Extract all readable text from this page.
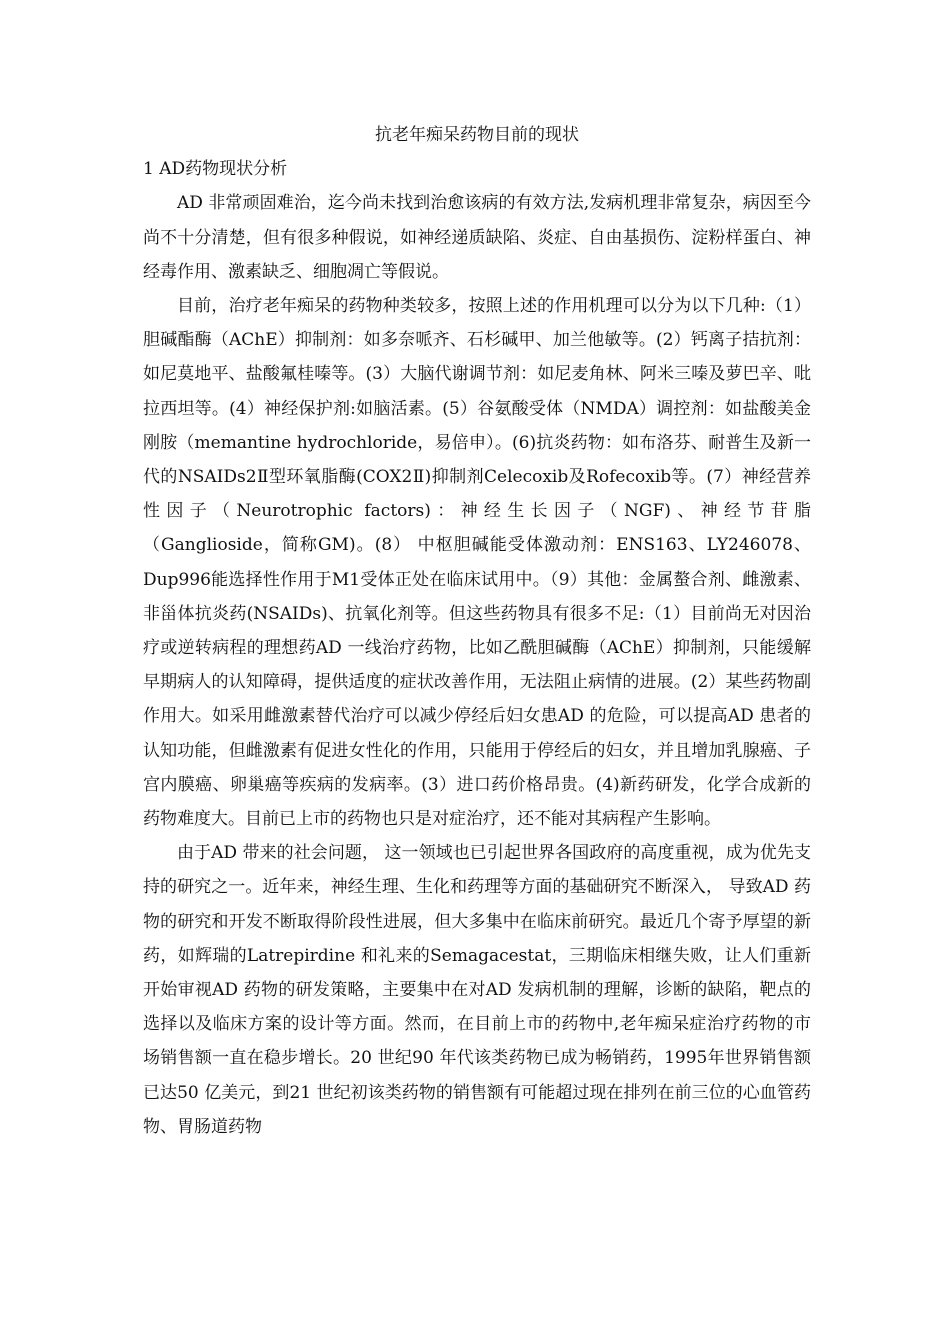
抗老年痴呆药物目前的现状
1 AD药物现状分析

AD 非常顽固难治，迄今尚未找到治愈该病的有效方法,发病机理非常复杂，病因至今尚不十分清楚，但有很多种假说，如神经递质缺陷、炎症、自由基损伤、淀粉样蛋白、神经毒作用、激素缺乏、细胞凋亡等假说。

目前，治疗老年痴呆的药物种类较多，按照上述的作用机理可以分为以下几种:（1）胆碱酯酶（AChE）抑制剂：如多奈哌齐、石杉碱甲、加兰他敏等。(2）钙离子拮抗剂：如尼莫地平、盐酸氟桂嗪等。(3）大脑代谢调节剂：如尼麦角林、阿米三嗪及萝巴辛、吡拉西坦等。(4）神经保护剂:如脑活素。(5）谷氨酸受体（NMDA）调控剂：如盐酸美金刚胺（memantine hydrochloride，易倍申）。(6)抗炎药物：如布洛芬、耐普生及新一代的NSAIDs2Ⅱ型环氧脂酶(COX2Ⅱ)抑制剂Celecoxib及Rofecoxib等。(7）神经营养性因子（Neurotrophic factors)：神经生长因子（NGF)、神经节苷脂（Ganglioside，简称GM)。(8） 中枢胆碱能受体激动剂：ENS163、LY246078、Dup996能选择性作用于M1受体正处在临床试用中。（9）其他：金属螯合剂、雌激素、非甾体抗炎药(NSAIDs)、抗氧化剂等。但这些药物具有很多不足:（1）目前尚无对因治疗或逆转病程的理想药AD 一线治疗药物，比如乙酰胆碱酶（AChE）抑制剂，只能缓解早期病人的认知障碍，提供适度的症状改善作用，无法阻止病情的进展。(2）某些药物副作用大。如采用雌激素替代治疗可以减少停经后妇女患AD 的危险，可以提高AD 患者的认知功能，但雌激素有促进女性化的作用，只能用于停经后的妇女，并且增加乳腺癌、子宫内膜癌、卵巢癌等疾病的发病率。(3）进口药价格昂贵。(4)新药研发，化学合成新的药物难度大。目前已上市的药物也只是对症治疗，还不能对其病程产生影响。

由于AD 带来的社会问题， 这一领域也已引起世界各国政府的高度重视，成为优先支持的研究之一。近年来，神经生理、生化和药理等方面的基础研究不断深入， 导致AD 药物的研究和开发不断取得阶段性进展，但大多集中在临床前研究。最近几个寄予厚望的新药，如辉瑞的Latrepirdine 和礼来的Semagacestat，三期临床相继失败，让人们重新开始审视AD 药物的研发策略，主要集中在对AD 发病机制的理解，诊断的缺陷，靶点的选择以及临床方案的设计等方面。然而，在目前上市的药物中,老年痴呆症治疗药物的市场销售额一直在稳步增长。20 世纪90 年代该类药物已成为畅销药，1995年世界销售额已达50 亿美元，到21 世纪初该类药物的销售额有可能超过现在排列在前三位的心血管药物、胃肠道药物
